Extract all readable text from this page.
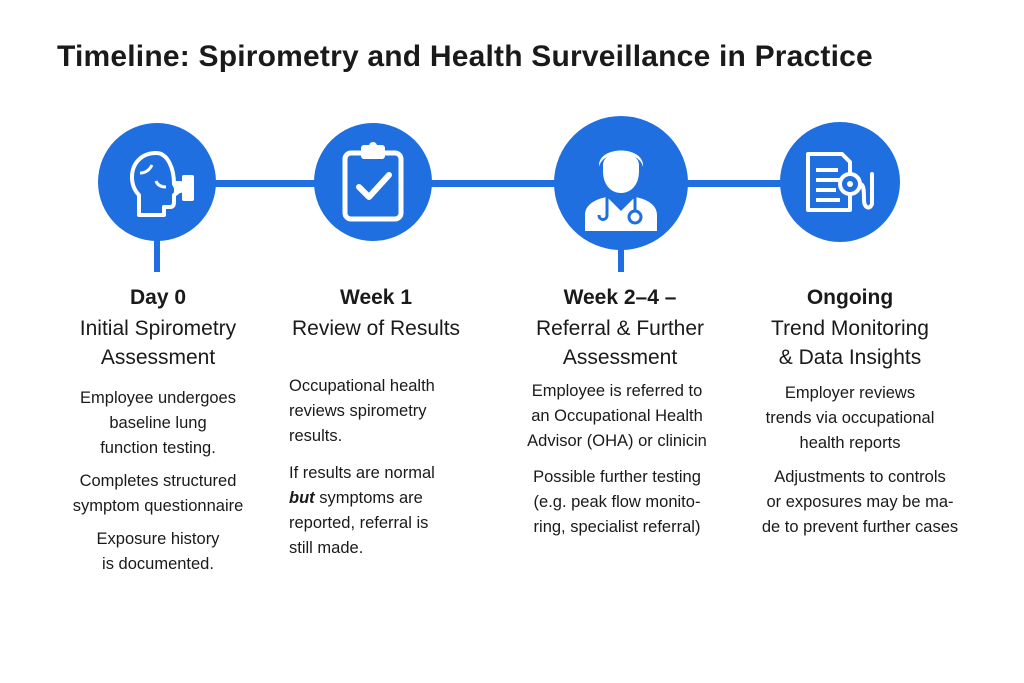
Timeline: Spirometry and Health Surveillance in Practice

Day 0

Initial Spirometry
Assessment

Employee undergoes
baseline lung
function testing.

Completes structured
symptom questionnaire

Exposure history
is documented.

Week 1

Review of Results

Occupational health
reviews spirometry
results.

If results are normal
but symptoms are
reported, referral is
still made.

Week 2–4 –

Referral & Further
Assessment

Employee is referred to
an Occupational Health
Advisor (OHA) or clinicin

Possible further testing
(e.g. peak flow monito-
ring, specialist referral)

Ongoing

Trend Monitoring
& Data Insights

Employer reviews
trends via occupational
health reports

Adjustments to controls
or exposures may be ma-
de to prevent further cases
